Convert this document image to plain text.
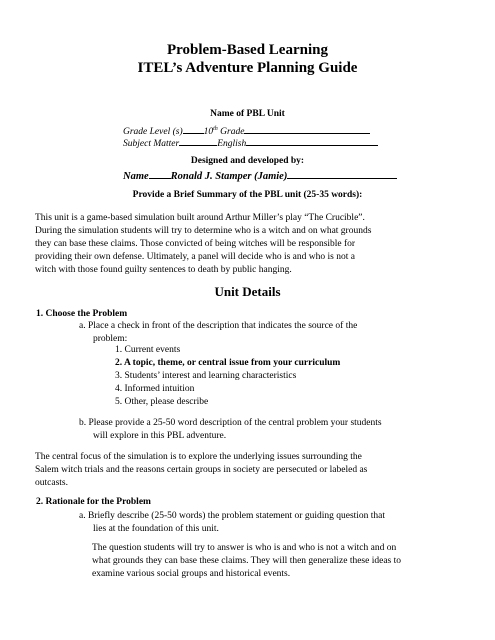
Problem-Based Learning
ITEL’s Adventure Planning Guide
Name of PBL Unit
Grade Level (s) 10th Grade
Subject Matter	English
Designed and developed by:
Name Ronald J. Stamper (Jamie)
Provide a Brief Summary of the PBL unit (25-35 words):
This unit is a game-based simulation built around Arthur Miller’s play “The Crucible”.
During the simulation students will try to determine who is a witch and on what grounds
they can base these claims. Those convicted of being witches will be responsible for
providing their own defense. Ultimately, a panel will decide who is and who is not a
witch with those found guilty sentences to death by public hanging.
Unit Details
1. Choose the Problem
a. Place a check in front of the description that indicates the source of the
problem:
1. Current events
2. A topic, theme, or central issue from your curriculum
3. Students’ interest and learning characteristics
4. Informed intuition
5. Other, please describe
b. Please provide a 25-50 word description of the central problem your students
will explore in this PBL adventure.
The central focus of the simulation is to explore the underlying issues surrounding the
Salem witch trials and the reasons certain groups in society are persecuted or labeled as
outcasts.
2. Rationale for the Problem
a. Briefly describe (25-50 words) the problem statement or guiding question that
lies at the foundation of this unit.
The question students will try to answer is who is and who is not a witch and on
what grounds they can base these claims. They will then generalize these ideas to
examine various social groups and historical events.
